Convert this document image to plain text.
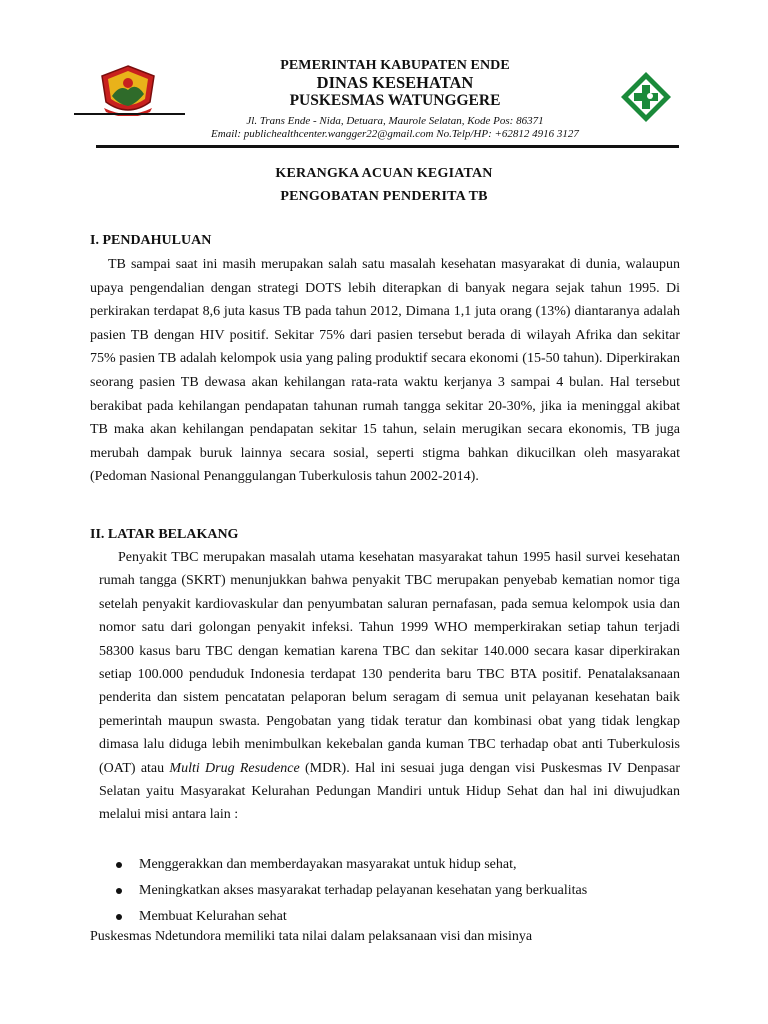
PEMERINTAH KABUPATEN ENDE
DINAS KESEHATAN
PUSKESMAS WATUNGGERE
Jl. Trans Ende - Nida, Detuara, Maurole Selatan, Kode Pos: 86371
Email: publichealthcenter.wangger22@gmail.com No.Telp/HP: +62812 4916 3127
KERANGKA ACUAN KEGIATAN
PENGOBATAN PENDERITA TB
I. PENDAHULUAN
TB sampai saat ini masih merupakan salah satu masalah kesehatan masyarakat di dunia, walaupun upaya pengendalian dengan strategi DOTS lebih diterapkan di banyak negara sejak tahun 1995. Di perkirakan terdapat 8,6 juta kasus TB pada tahun 2012, Dimana 1,1 juta orang (13%) diantaranya adalah pasien TB dengan HIV positif. Sekitar 75% dari pasien tersebut berada di wilayah Afrika dan sekitar 75% pasien TB adalah kelompok usia yang paling produktif secara ekonomi (15-50 tahun). Diperkirakan seorang pasien TB dewasa akan kehilangan rata-rata waktu kerjanya 3 sampai 4 bulan. Hal tersebut berakibat pada kehilangan pendapatan tahunan rumah tangga sekitar 20-30%, jika ia meninggal akibat TB maka akan kehilangan pendapatan sekitar 15 tahun, selain merugikan secara ekonomis, TB juga merubah dampak buruk lainnya secara sosial, seperti stigma bahkan dikucilkan oleh masyarakat (Pedoman Nasional Penanggulangan Tuberkulosis tahun 2002-2014).
II. LATAR BELAKANG
Penyakit TBC merupakan masalah utama kesehatan masyarakat tahun 1995 hasil survei kesehatan rumah tangga (SKRT) menunjukkan bahwa penyakit TBC merupakan penyebab kematian nomor tiga setelah penyakit kardiovaskular dan penyumbatan saluran pernafasan, pada semua kelompok usia dan nomor satu dari golongan penyakit infeksi. Tahun 1999 WHO memperkirakan setiap tahun terjadi 58300 kasus baru TBC dengan kematian karena TBC dan sekitar 140.000 secara kasar diperkirakan setiap 100.000 penduduk Indonesia terdapat 130 penderita baru TBC BTA positif. Penatalaksanaan penderita dan sistem pencatatan pelaporan belum seragam di semua unit pelayanan kesehatan baik pemerintah maupun swasta. Pengobatan yang tidak teratur dan kombinasi obat yang tidak lengkap dimasa lalu diduga lebih menimbulkan kekebalan ganda kuman TBC terhadap obat anti Tuberkulosis (OAT) atau Multi Drug Resudence (MDR). Hal ini sesuai juga dengan visi Puskesmas IV Denpasar Selatan yaitu Masyarakat Kelurahan Pedungan Mandiri untuk Hidup Sehat dan hal ini diwujudkan melalui misi antara lain :
Menggerakkan dan memberdayakan masyarakat untuk hidup sehat,
Meningkatkan akses masyarakat terhadap pelayanan kesehatan yang berkualitas
Membuat Kelurahan sehat
Puskesmas Ndetundora memiliki tata nilai dalam pelaksanaan visi dan misinya
